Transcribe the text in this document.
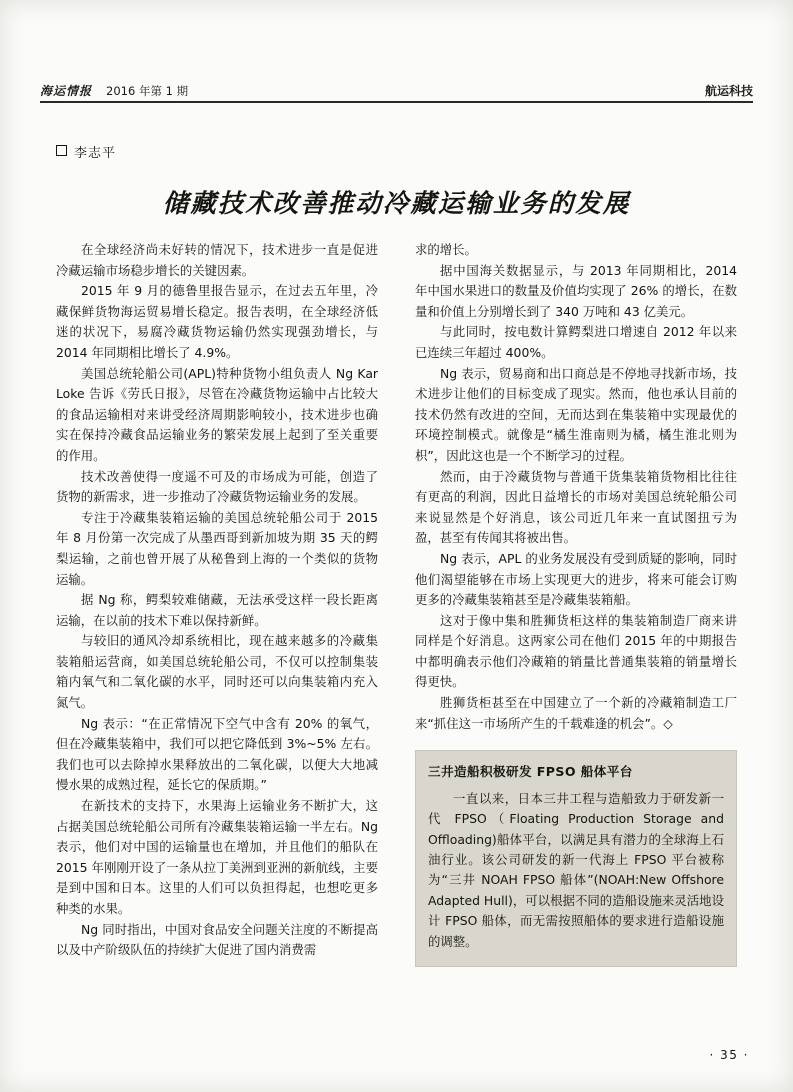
海运情报 2016 年第 1 期	航运科技
李志平
储藏技术改善推动冷藏运输业务的发展

在全球经济尚未好转的情况下，技术进步一直是促进冷藏运输市场稳步增长的关键因素。

2015 年 9 月的德鲁里报告显示，在过去五年里，冷藏保鲜货物海运贸易增长稳定。报告表明，在全球经济低迷的状况下，易腐冷藏货物运输仍然实现强劲增长，与 2014 年同期相比增长了 4.9%。

美国总统轮船公司(APL)特种货物小组负责人 Ng Kar Loke 告诉《劳氏日报》，尽管在冷藏货物运输中占比较大的食品运输相对来讲受经济周期影响较小，技术进步也确实在保持冷藏食品运输业务的繁荣发展上起到了至关重要的作用。

技术改善使得一度遥不可及的市场成为可能，创造了货物的新需求，进一步推动了冷藏货物运输业务的发展。

专注于冷藏集装箱运输的美国总统轮船公司于 2015 年 8 月份第一次完成了从墨西哥到新加坡为期 35 天的鳄梨运输，之前也曾开展了从秘鲁到上海的一个类似的货物运输。

据 Ng 称，鳄梨较难储藏，无法承受这样一段长距离运输，在以前的技术下难以保持新鲜。

与较旧的通风冷却系统相比，现在越来越多的冷藏集装箱船运营商，如美国总统轮船公司，不仅可以控制集装箱内氧气和二氧化碳的水平，同时还可以向集装箱内充入氮气。

Ng 表示：“在正常情况下空气中含有 20% 的氧气，但在冷藏集装箱中，我们可以把它降低到 3%~5% 左右。我们也可以去除掉水果释放出的二氧化碳，以便大大地减慢水果的成熟过程，延长它的保质期。”

在新技术的支持下，水果海上运输业务不断扩大，这占据美国总统轮船公司所有冷藏集装箱运输一半左右。Ng 表示，他们对中国的运输量也在增加，并且他们的船队在 2015 年刚刚开设了一条从拉丁美洲到亚洲的新航线，主要是到中国和日本。这里的人们可以负担得起，也想吃更多种类的水果。

Ng 同时指出，中国对食品安全问题关注度的不断提高以及中产阶级队伍的持续扩大促进了国内消费需

求的增长。

据中国海关数据显示，与 2013 年同期相比，2014 年中国水果进口的数量及价值均实现了 26% 的增长，在数量和价值上分别增长到了 340 万吨和 43 亿美元。

与此同时，按电数计算鳄梨进口增速自 2012 年以来已连续三年超过 400%。

Ng 表示，贸易商和出口商总是不停地寻找新市场，技术进步让他们的目标变成了现实。然而，他也承认目前的技术仍然有改进的空间，无而达到在集装箱中实现最优的环境控制模式。就像是“橘生淮南则为橘，橘生淮北则为枳”，因此这也是一个不断学习的过程。

然而，由于冷藏货物与普通干货集装箱货物相比往往有更高的利润，因此日益增长的市场对美国总统轮船公司来说显然是个好消息，该公司近几年来一直试图扭亏为盈，甚至有传闻其将被出售。

Ng 表示，APL 的业务发展没有受到质疑的影响，同时他们渴望能够在市场上实现更大的进步，将来可能会订购更多的冷藏集装箱甚至是冷藏集装箱船。

这对于像中集和胜狮货柜这样的集装箱制造厂商来讲同样是个好消息。这两家公司在他们 2015 年的中期报告中都明确表示他们冷藏箱的销量比普通集装箱的销量增长得更快。

胜狮货柜甚至在中国建立了一个新的冷藏箱制造工厂来“抓住这一市场所产生的千载难逢的机会”。◇

三井造船积极研发 FPSO 船体平台

一直以来，日本三井工程与造船致力于研发新一代 FPSO（Floating Production Storage and Offloading)船体平台，以满足具有潜力的全球海上石油行业。该公司研发的新一代海上 FPSO 平台被称为“三井 NOAH FPSO 船体”(NOAH:New Offshore Adapted Hull)，可以根据不同的造船设施来灵活地设计 FPSO 船体，而无需按照船体的要求进行造船设施的调整。

· 35 ·
